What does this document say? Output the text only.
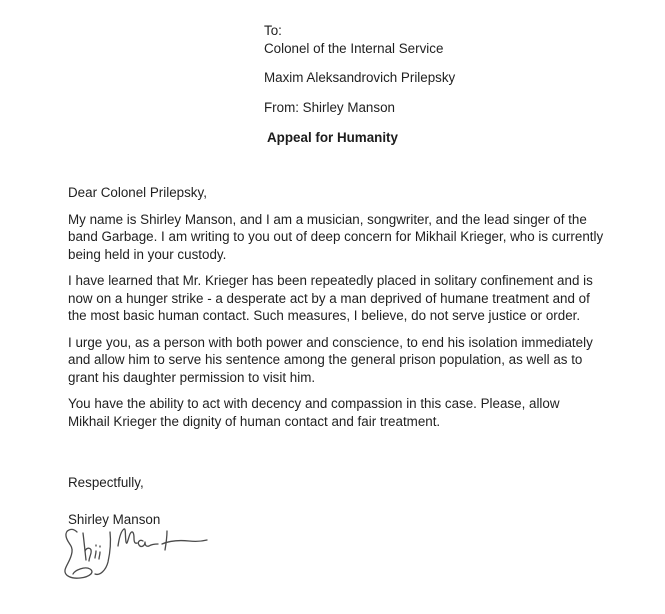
To:
Colonel of the Internal Service

Maxim Aleksandrovich Prilepsky

From: Shirley Manson

Appeal for Humanity

Dear Colonel Prilepsky,

My name is Shirley Manson, and I am a musician, songwriter, and the lead singer of the band Garbage. I am writing to you out of deep concern for Mikhail Krieger, who is currently being held in your custody.

I have learned that Mr. Krieger has been repeatedly placed in solitary confinement and is now on a hunger strike - a desperate act by a man deprived of humane treatment and of the most basic human contact. Such measures, I believe, do not serve justice or order.

I urge you, as a person with both power and conscience, to end his isolation immediately and allow him to serve his sentence among the general prison population, as well as to grant his daughter permission to visit him.

You have the ability to act with decency and compassion in this case. Please, allow Mikhail Krieger the dignity of human contact and fair treatment.

Respectfully,

Shirley Manson
